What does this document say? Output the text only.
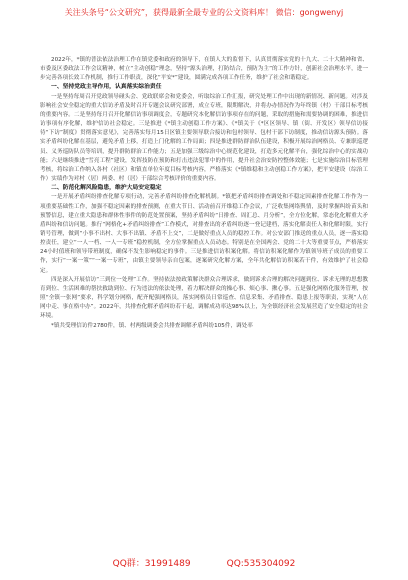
关注头条号“公文研究”，获得最新全最专业的公文资料库！ 微信：gongwenyj

2022年，*镇的普法依法治理工作在镇党委和政府的领导下，在镇人大的监督下，认真贯彻落实党的十九大、二十大精神和省、市委及区委政法工作会议精神，树立“主动创稳”理念，坚持“源头治理，打防结合，预防为主”的工作方针，创新社会治理水平，进一步完善各项长效工作机制，推行工作职责，深化“平安*”建设，圆满完成各项工作任务，维护了社会和谐稳定。

一、坚持党政主导作用，认真落实综治责任

一是坚持每周召开党政领导碰头会、党政联席会和党委会，听取综治工作汇报，研究处理工作中出现的新情况、新问题。对涉及影响社会安全稳定的重大信访矛盾及时召开专题会议研究部署，成立专班，限期解决，并将办办情况作为年终镇（村）干部目标考核的重要内容。二是坚持每月召开化解信访事项调度会，专题研究本化解信访事项存在的问题，采取的措施和需要协调的困难，推进信访事项有序化解，维护信访社会稳定。三是推进《*镇主动创稳工作方案》、《*镇关于《*区区领导、镇（街、开发区）领导信访接待“下访”制度》贯彻落实意见》，完善落实每月15日区镇主要领导联合接访和包村领导、包村干部下访制度，推动信访源头预防。落实矛盾纠纷化解在基层，避免矛盾上移，打造上门化解的工作局面；四是推进群防群治队伍建设，积极开展综治网格员、专兼职巡逻员、义务巡防队员等培训，提升群防群治工作能力；五是加强三级综治中心规范化建设，打造多元化解平台，强化综治中心的实战功能；六是继续推进“雪亮工程”建设，发挥技防在预防和打击违法犯罪中的作用，提升社会治安防控整体效能；七是实施综治目标管理考核，将综治工作纳入各村（社区）和镇直单位年度目标考核内容，严格落实《*镇维稳和主动创稳工作方案》，把平安建设（综治工作）实绩作为对村（居）两委、村（居）干部综合考核评价的重要内容。

二、防范化解风险隐患，维护大局安定稳定

一是开展矛盾纠纷排查化解专项行动，完善矛盾纠纷排查化解机制。*镇把矛盾纠纷排查调处和不稳定因素排查化解工作作为一项重要基础性工作，加强不稳定因素的排查预测，在重大节日、活动前召开维稳工作会议，广泛收集网络舆情，及时掌握纠纷苗头和预警信息，建立重大隐患和群体性事件的防范处置预案，坚持矛盾纠纷“日排查、周汇总、月分析”，全方位化解，常态化化解重大矛盾纠纷和信访问题。推行“网格化+矛盾纠纷排查”工作模式，对排查出的矛盾纠纷逐一登记建档，落实化解责任人和化解时限，实行销号管理，做到“小事不出村、大事不出镇、矛盾不上交”，二是做好重点人员的稳控工作。对公安部门推送的重点人员，逐一落实稳控责任，建立“一人一档、一人一专班”稳控机制，全方位掌握重点人员动态。特别是在全国两会、党的二十大等重要节点，严格落实24小时值班和领导带班制度，确保不发生影响稳定的事件。三是推进信访积案化解。将信访积案化解作为镇领导班子成员的重要工作，实行“一案一策”“一案一专班”，由镇主要领导亲自包案，逐案研究化解方案，全年共化解信访积案若干件，有效维护了社会稳定。

四是深入开展信访“三到位一处理”工作。坚持依法按政策解决群众合理诉求，做到诉求合理的解决问题到位、诉求无理的思想教育到位、生活困难的帮扶救助到位、行为违法的依法处理，着力解决群众的操心事、烦心事、揪心事。五是强化网格化服务管理，按照“全镇一张网”要求，科学划分网格，配齐配强网格员，落实网格员日常巡查、信息采集、矛盾排查、隐患上报等职责，实现“人在网中走、事在格中办”。2022年，共排查化解矛盾纠纷若干起，调解成功率达98%以上，为全镇经济社会发展营造了安全稳定的社会环境。

*镇共受理信访件2780件，镇、村两级调委会共排查调解矛盾纠纷105件，调处率

QQ群：31991489	QQ:535304092
